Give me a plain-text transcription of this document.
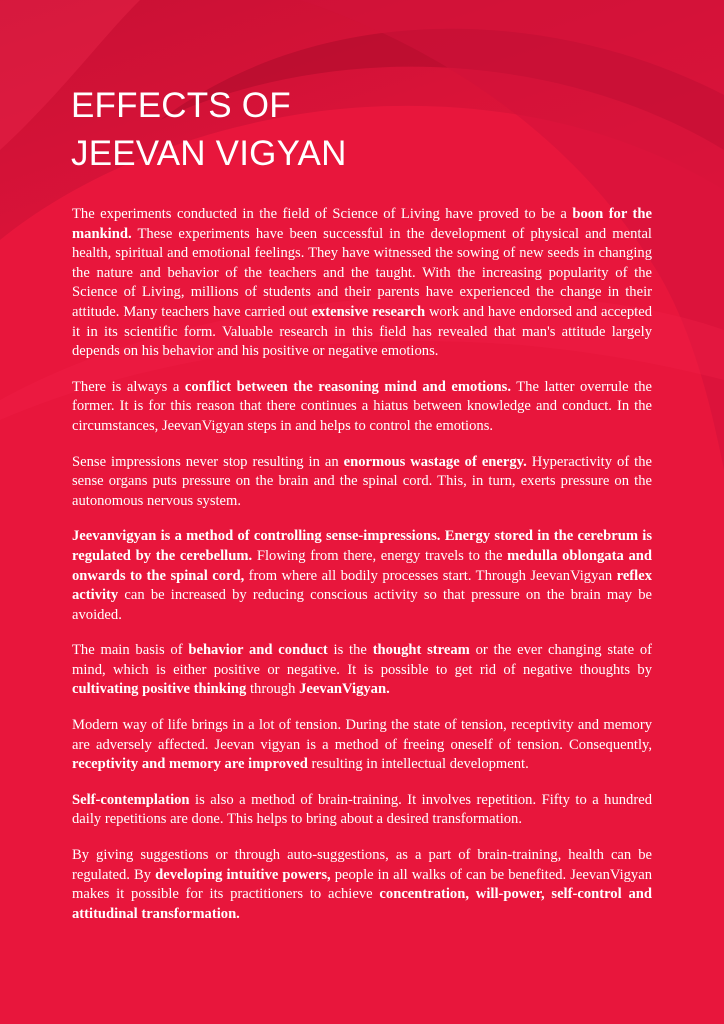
EFFECTS OF
JEEVAN VIGYAN

The experiments conducted in the field of Science of Living have proved to be a boon for the mankind. These experiments have been successful in the development of physical and mental health, spiritual and emotional feelings. They have witnessed the sowing of new seeds in changing the nature and behavior of the teachers and the taught. With the increasing popularity of the Science of Living, millions of students and their parents have experienced the change in their attitude. Many teachers have carried out extensive research work and have endorsed and accepted it in its scientific form. Valuable research in this field has revealed that man's attitude largely depends on his behavior and his positive or negative emotions.

There is always a conflict between the reasoning mind and emotions. The latter overrule the former. It is for this reason that there continues a hiatus between knowledge and conduct. In the circumstances, JeevanVigyan steps in and helps to control the emotions.

Sense impressions never stop resulting in an enormous wastage of energy. Hyperactivity of the sense organs puts pressure on the brain and the spinal cord. This, in turn, exerts pressure on the autonomous nervous system.

Jeevanvigyan is a method of controlling sense-impressions. Energy stored in the cerebrum is regulated by the cerebellum. Flowing from there, energy travels to the medulla oblongata and onwards to the spinal cord, from where all bodily processes start. Through JeevanVigyan reflex activity can be increased by reducing conscious activity so that pressure on the brain may be avoided.

The main basis of behavior and conduct is the thought stream or the ever changing state of mind, which is either positive or negative. It is possible to get rid of negative thoughts by cultivating positive thinking through JeevanVigyan.

Modern way of life brings in a lot of tension. During the state of tension, receptivity and memory are adversely affected. Jeevan vigyan is a method of freeing oneself of tension. Consequently, receptivity and memory are improved resulting in intellectual development.

Self-contemplation is also a method of brain-training. It involves repetition. Fifty to a hundred daily repetitions are done. This helps to bring about a desired transformation.

By giving suggestions or through auto-suggestions, as a part of brain-training, health can be regulated. By developing intuitive powers, people in all walks of can be benefited. JeevanVigyan makes it possible for its practitioners to achieve concentration, will-power, self-control and attitudinal transformation.
